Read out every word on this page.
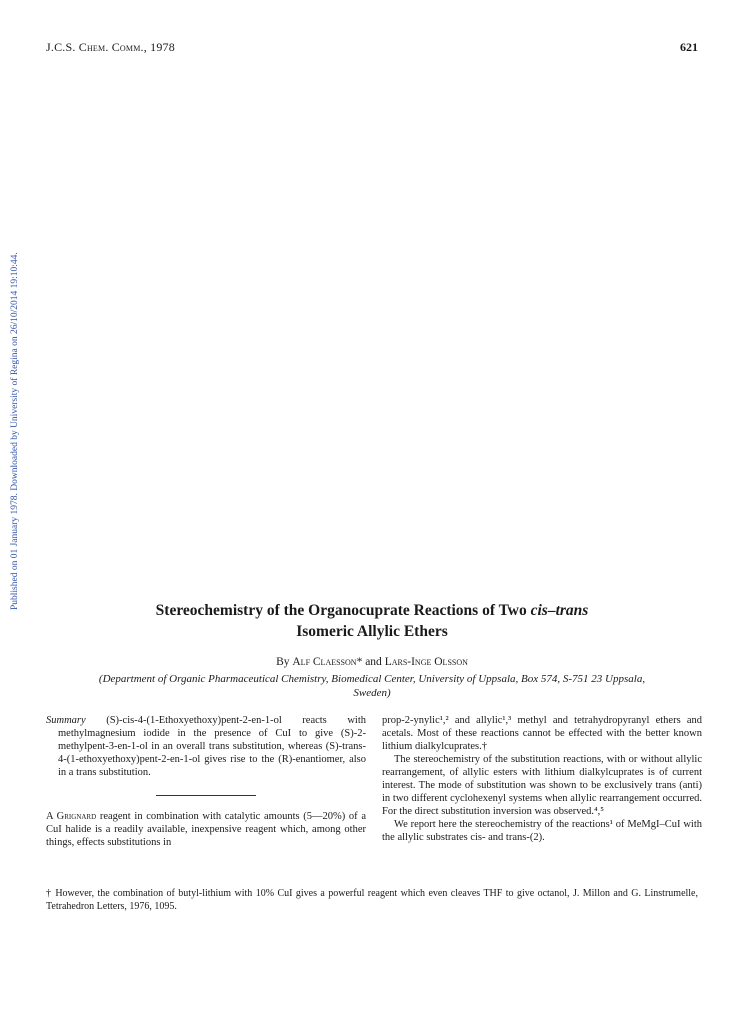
J.C.S. Chem. Comm., 1978	621
Published on 01 January 1978. Downloaded by University of Regina on 26/10/2014 19:10:44.
Stereochemistry of the Organocuprate Reactions of Two cis–trans
Isomeric Allylic Ethers
By Alf Claesson* and Lars-Inge Olsson
(Department of Organic Pharmaceutical Chemistry, Biomedical Center, University of Uppsala, Box 574, S-751 23 Uppsala,
Sweden)

Summary (S)-cis-4-(1-Ethoxyethoxy)pent-2-en-1-ol reacts with methylmagnesium iodide in the presence of CuI to give (S)-2-methylpent-3-en-1-ol in an overall trans substitution, whereas (S)-trans-4-(1-ethoxyethoxy)pent-2-en-1-ol gives rise to the (R)-enantiomer, also in a trans substitution.

A Grignard reagent in combination with catalytic amounts (5—20%) of a CuI halide is a readily available, inexpensive reagent which, among other things, effects substitutions in

prop-2-ynylic¹,² and allylic¹,³ methyl and tetrahydropyranyl ethers and acetals. Most of these reactions cannot be effected with the better known lithium dialkylcuprates.†

The stereochemistry of the substitution reactions, with or without allylic rearrangement, of allylic esters with lithium dialkylcuprates is of current interest. The mode of substitution was shown to be exclusively trans (anti) in two different cyclohexenyl systems when allylic rearrangement occurred. For the direct substitution inversion was observed.⁴,⁵

We report here the stereochemistry of the reactions¹ of MeMgI–CuI with the allylic substrates cis- and trans-(2).

† However, the combination of butyl-lithium with 10% CuI gives a powerful reagent which even cleaves THF to give octanol, J. Millon and G. Linstrumelle, Tetrahedron Letters, 1976, 1095.
